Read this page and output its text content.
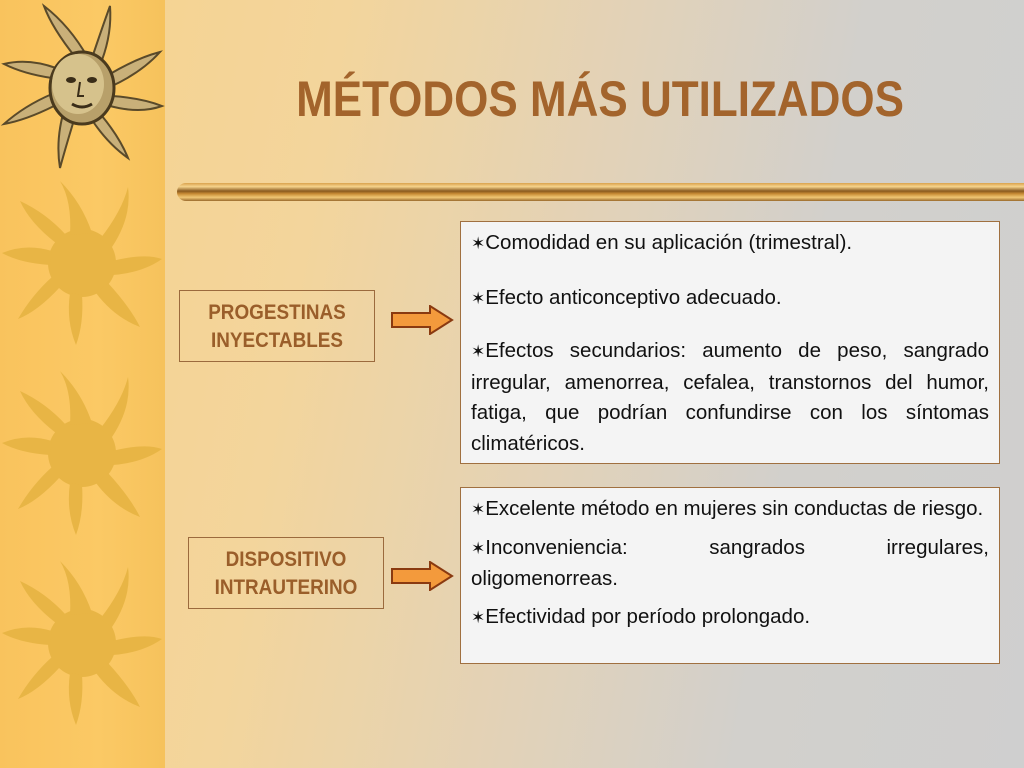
MÉTODOS MÁS UTILIZADOS
PROGESTINAS
INYECTABLES

✶Comodidad en su aplicación (trimestral).

✶Efecto anticonceptivo adecuado.

✶Efectos secundarios: aumento de peso, sangrado irregular, amenorrea, cefalea, transtornos del humor, fatiga, que podrían confundirse con los síntomas climatéricos.

DISPOSITIVO
INTRAUTERINO

✶Excelente método en mujeres sin conductas de riesgo.

✶Inconveniencia: sangrados irregulares, oligomenorreas.

✶Efectividad por período prolongado.
